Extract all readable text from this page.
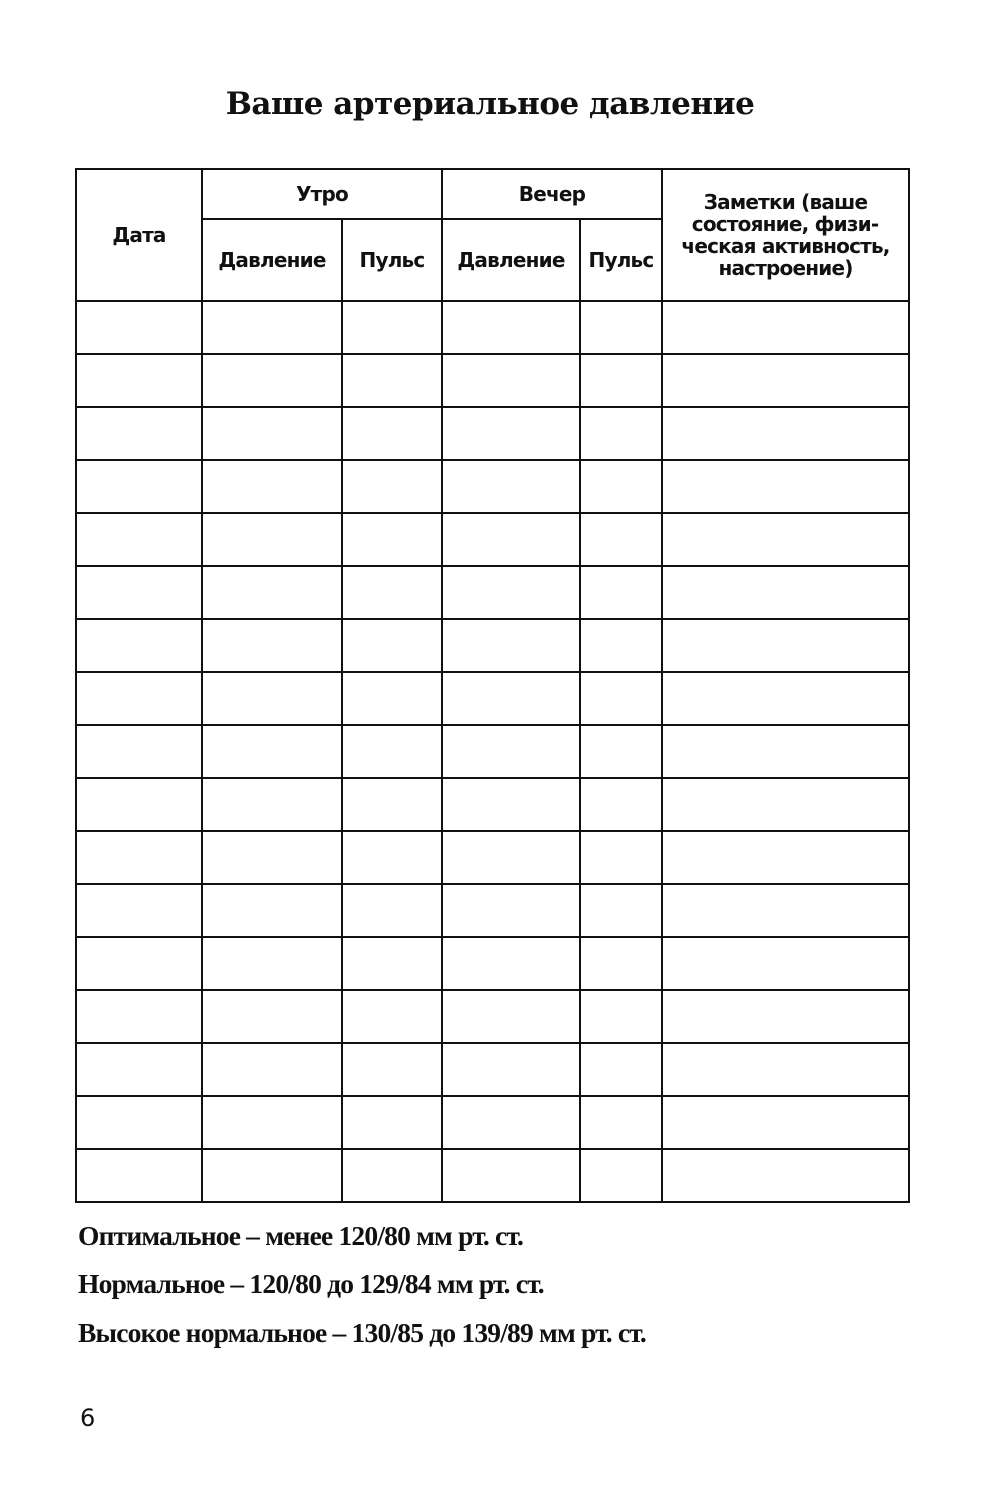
Ваше артериальное давление
Дата	Утро		Вечер		Заметки (ваше состояние, физическая активность, настроение)
	Давление	Пульс	Давление	Пульс	

Оптимальное – менее 120/80 мм рт. ст.
Нормальное – 120/80 до 129/84 мм рт. ст.
Высокое нормальное – 130/85 до 139/89 мм рт. ст.
6
